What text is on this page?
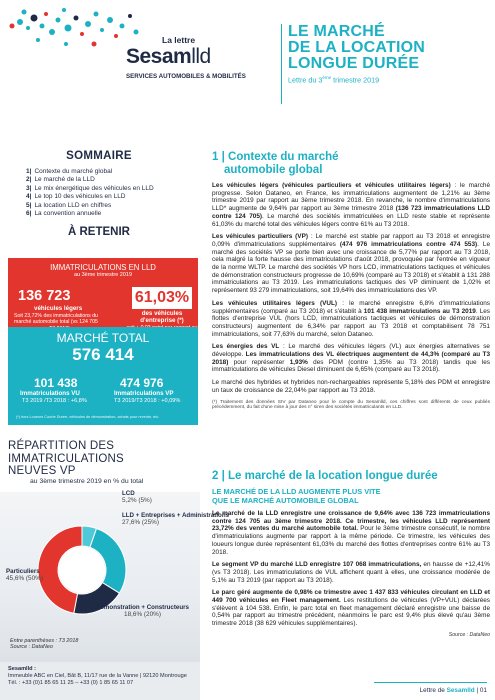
La lettre
Sesamlld
SERVICES AUTOMOBILES & MOBILITÉS
LE MARCHÉ
DE LA LOCATION
LONGUE DURÉE
Lettre du 3ème trimestre 2019
SOMMAIRE
1| Contexte du marché global
2| Le marché de la LLD
3| Le mix énergétique des véhicules en LLD
4| Le top 10 des véhicules en LLD
5| La location LLD en chiffres
6| La convention annuelle
À RETENIR
IMMATRICULATIONS EN LLD
au 3ème trimestre 2019
136 723
véhicules légers
Soit 23,72% des immatriculations du marché automobile total (vs 124 705
61,03%
des véhicules d'entreprise (*)
MARCHÉ TOTAL
576 414
101 438
Immatriculations VU
T3 2019 /T3 2018 : +6,8%
474 976
Immatriculations VP
T3 2019/T3 2018 : +0,09%
(*) hors Loueurs Courte Durée, véhicules de démonstration, achats pour revente, etc.
RÉPARTITION DES
IMMATRICULATIONS
NEUVES VP
au 3ème trimestre 2019 en % du total
LCD
5,2% (5%)
LLD + Entreprises + Administrations
27,6% (25%)
Particuliers
45,6% (50%)
Démonstration + Constructeurs
18,6% (20%)
Entre parenthèses : T3 2018
Source : DataNeo
Sesamlld :
Immeuble ABC en Ciel, Bât B, 11/17 rue de la Vanne | 92120 Montrouge
Tél. : +33 (0)1 85 65 11 25 – +33 (0) 1 85 65 11 07
1 | Contexte du marché
automobile global
Les véhicules légers (véhicules particuliers et véhicules utilitaires légers) : le marché progresse. Selon Dataneo, en France, les immatriculations augmentent de 1,21% au 3ème trimestre 2019 par rapport au 3ème trimestre 2018. En revanche, le nombre d'immatriculations LLD* augmente de 9,64% par rapport au 3ème trimestre 2018 (136 723 immatriculations LLD contre 124 705). Le marché des sociétés immatriculées en LLD reste stable et représente 61,03% du marché total des véhicules légers contre 61% au T3 2018.
Les véhicules particuliers (VP) : Le marché est stable par rapport au T3 2018 et enregistre 0,09% d'immatriculations supplémentaires (474 976 immatriculations contre 474 553). Le marché des sociétés VP se porte bien avec une croissance de 5,77% par rapport au T3 2018, cela malgré la forte hausse des immatriculations d'août 2018, provoquée par l'entrée en vigueur de la norme WLTP. Le marché des sociétés VP hors LCD, immatriculations tactiques et véhicules de démonstration constructeurs progresse de 10,69% (comparé au T3 2018) et s'établit à 131 288 immatriculations au T3 2019. Les immatriculations tactiques des VP diminuent de 1,02% et représentent 93 279 immatriculations, soit 19,64% des immatriculations des VP.
Les véhicules utilitaires légers (VUL) : le marché enregistre 6,8% d'immatriculations supplémentaires (comparé au T3 2018) et s'établit à 101 438 immatriculations au T3 2019. Les flottes d'entreprise VUL (hors LCD, immatriculations tactiques et véhicules de démonstration constructeurs) augmentent de 6,34% par rapport au T3 2018 et comptabilisent 78 751 immatriculations, soit 77,63% du marché, selon Dataneo.
Les énergies des VL : Le marché des véhicules légers (VL) aux énergies alternatives se développe. Les immatriculations des VL électriques augmentent de 44,3% (comparé au T3 2018) pour représenter 1,93% des PDM (contre 1,35% au T3 2018) tandis que les immatriculations de véhicules Diesel diminuent de 6,65% (comparé au T3 2018).
Le marché des hybrides et hybrides non-rechargeables représente 5,18% des PDM et enregistre un taux de croissance de 22,04% par rapport au T3 2018.
(*) Traitement des données SIV par Dataneo pour le compte du Sesamlld, ces chiffres sont différents de ceux publiés précédemment, du fait d'une mise à jour des n° siren des sociétés immatriculants en LLD.
2 | Le marché de la location longue durée
LE MARCHÉ DE LA LLD AUGMENTE PLUS VITE
QUE LE MARCHÉ AUTOMOBILE GLOBAL
Le marché de la LLD enregistre une croissance de 9,64% avec 136 723 immatriculations contre 124 705 au 3ème trimestre 2018. Ce trimestre, les véhicules LLD représentent 23,72% des ventes du marché automobile total. Pour le 3ème trimestre consécutif, le nombre d'immatriculations augmente par rapport à la même période. Ce trimestre, les véhicules des loueurs longue durée représentent 61,03% du marché des flottes d'entreprises contre 61% au T3 2018.
Le segment VP du marché LLD enregistre 107 068 immatriculations, en hausse de +12,41% (vs T3 2018). Les immatriculations de VUL affichent quant à elles, une croissance modérée de 5,1% au T3 2019 (par rapport au T3 2018).
Le parc géré augmente de 0,98% ce trimestre avec 1 437 833 véhicules circulant en LLD et 449 700 véhicules en Fleet management. Les restitutions de véhicules (VP+VUL) déclarées s'élèvent à 104 538. Enfin, le parc total en fleet management déclaré enregistre une baisse de 0,54% par rapport au trimestre précédent, néanmoins le parc est 9,4% plus élevé qu'au 3ème trimestre 2018 (38 629 véhicules supplémentaires).
Source : DataNeo
Lettre de Sesamlld | 01
